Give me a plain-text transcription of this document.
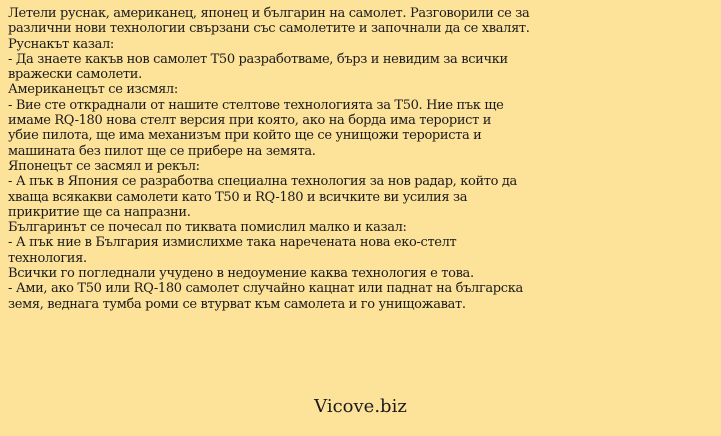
Летели руснак, американец, японец и българин на самолет. Разговорили се за
различни нови технологии свързани със самолетите и започнали да се хвалят.
Руснакът казал:
- Да знаете какъв нов самолет Т50 разработваме, бърз и невидим за всички
вражески самолети.
Американецът се изсмял:
- Вие сте откраднали от нашите стелтове технологията за Т50. Ние пък ще
имаме RQ-180 нова стелт версия при която, ако на борда има терорист и
убие пилота, ще има механизъм при който ще се унищожи терориста и
машината без пилот ще се прибере на земята.
Японецът се засмял и рекъл:
- А пък в Япония се разработва специална технология за нов радар, който да
хваща всякакви самолети като Т50 и RQ-180 и всичките ви усилия за
прикритие ще са напразни.
Българинът се почесал по тиквата помислил малко и казал:
- А пък ние в България измислихме така наречената нова еко-стелт
технология.
Всички го погледнали учудено в недоумение каква технология е това.
- Ами, ако Т50 или RQ-180 самолет случайно кацнат или паднат на българска
земя, веднага тумба роми се втурват към самолета и го унищожават.
Vicove.biz
